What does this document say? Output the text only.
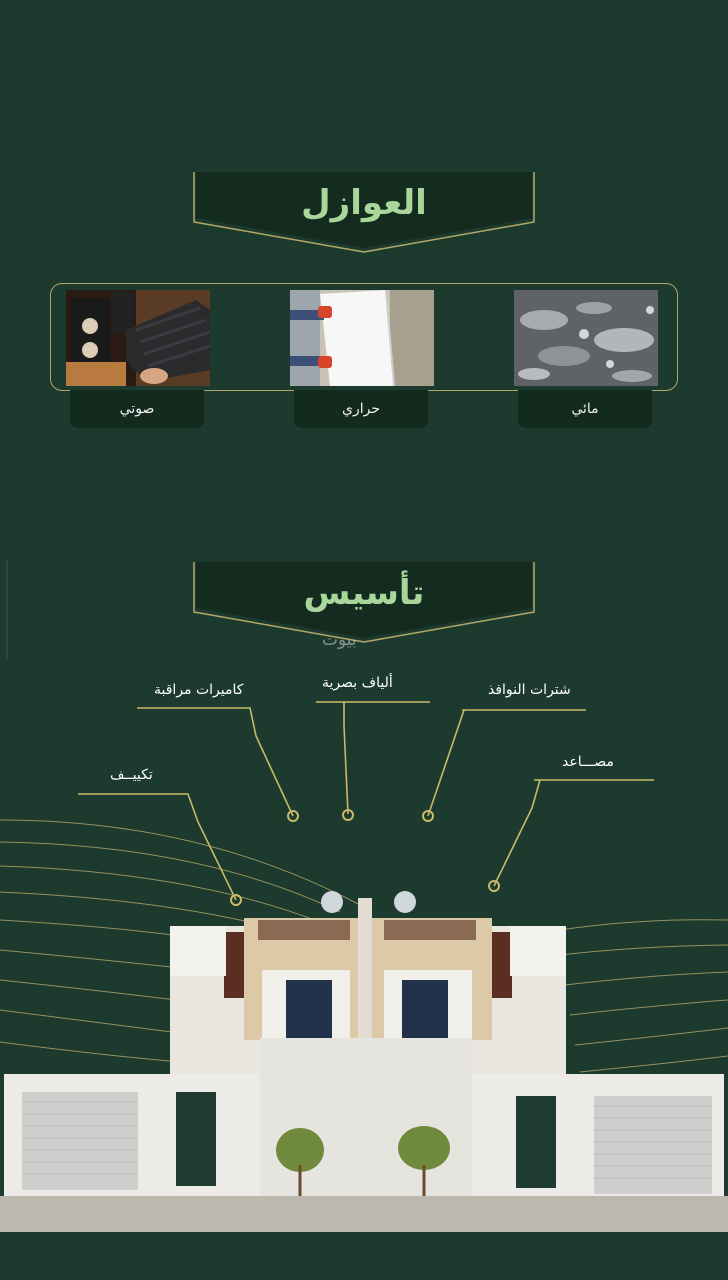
العوازل
صوتي	حراري	مائي
تأسيس
بيوت
كاميرات مراقبة	ألياف بصرية	شترات النوافذ
مصـــاعد
تكييــف
